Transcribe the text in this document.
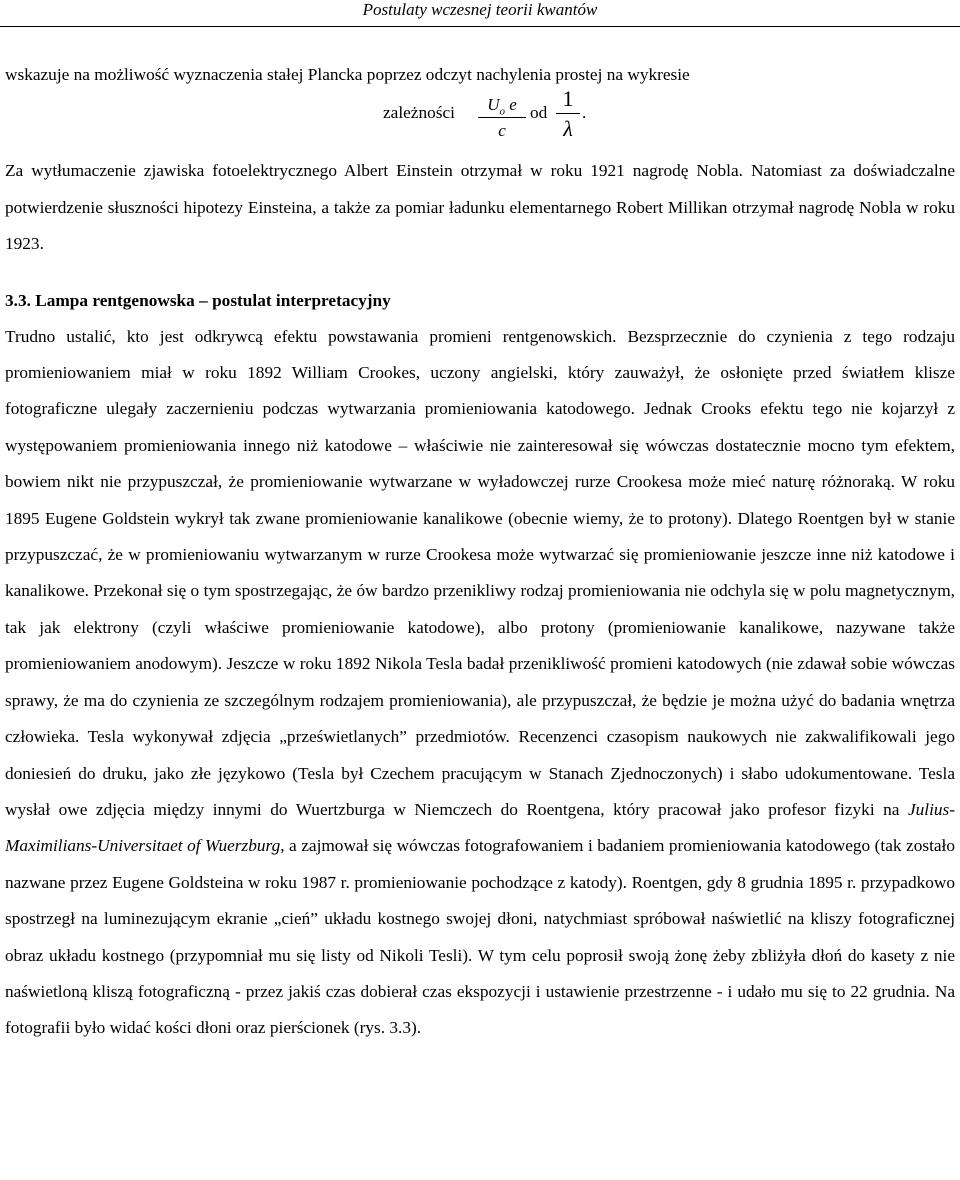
Postulaty wczesnej teorii kwantów

wskazuje na możliwość wyznaczenia stałej Plancka poprzez odczyt nachylenia prostej na wykresie

zależności $\frac{U_o e}{c}$ od $\frac{1}{\lambda}$ .

Za wytłumaczenie zjawiska fotoelektrycznego Albert Einstein otrzymał w roku 1921 nagrodę Nobla. Natomiast za doświadczalne potwierdzenie słuszności hipotezy Einsteina, a także za pomiar ładunku elementarnego Robert Millikan otrzymał nagrodę Nobla w roku 1923.

3.3. Lampa rentgenowska – postulat interpretacyjny

Trudno ustalić, kto jest odkrywcą efektu powstawania promieni rentgenowskich. Bezsprzecznie do czynienia z tego rodzaju promieniowaniem miał w roku 1892 William Crookes, uczony angielski, który zauważył, że osłonięte przed światłem klisze fotograficzne ulegały zaczernieniu podczas wytwarzania promieniowania katodowego. Jednak Crooks efektu tego nie kojarzył z występowaniem promieniowania innego niż katodowe – właściwie nie zainteresował się wówczas dostatecznie mocno tym efektem, bowiem nikt nie przypuszczał, że promieniowanie wytwarzane w wyładowczej rurze Crookesa może mieć naturę różnoraką. W roku 1895 Eugene Goldstein wykrył tak zwane promieniowanie kanalikowe (obecnie wiemy, że to protony). Dlatego Roentgen był w stanie przypuszczać, że w promieniowaniu wytwarzanym w rurze Crookesa może wytwarzać się promieniowanie jeszcze inne niż katodowe i kanalikowe. Przekonał się o tym spostrzegając, że ów bardzo przenikliwy rodzaj promieniowania nie odchyla się w polu magnetycznym, tak jak elektrony (czyli właściwe promieniowanie katodowe), albo protony (promieniowanie kanalikowe, nazywane także promieniowaniem anodowym). Jeszcze w roku 1892 Nikola Tesla badał przenikliwość promieni katodowych (nie zdawał sobie wówczas sprawy, że ma do czynienia ze szczególnym rodzajem promieniowania), ale przypuszczał, że będzie je można użyć do badania wnętrza człowieka. Tesla wykonywał zdjęcia „prześwietlanych” przedmiotów. Recenzenci czasopism naukowych nie zakwalifikowali jego doniesień do druku, jako złe językowo (Tesla był Czechem pracującym w Stanach Zjednoczonych) i słabo udokumentowane. Tesla wysłał owe zdjęcia między innymi do Wuertzburga w Niemczech do Roentgena, który pracował jako profesor fizyki na Julius-Maximilians-Universitaet of Wuerzburg, a zajmował się wówczas fotografowaniem i badaniem promieniowania katodowego (tak zostało nazwane przez Eugene Goldsteina w roku 1987 r. promieniowanie pochodzące z katody). Roentgen, gdy 8 grudnia 1895 r. przypadkowo spostrzegł na luminezującym ekranie „cień” układu kostnego swojej dłoni, natychmiast spróbował naświetlić na kliszy fotograficznej obraz układu kostnego (przypomniał mu się listy od Nikoli Tesli). W tym celu poprosił swoją żonę żeby zbliżyła dłoń do kasety z nie naświetloną kliszą fotograficzną - przez jakiś czas dobierał czas ekspozycji i ustawienie przestrzenne - i udało mu się to 22 grudnia. Na fotografii było widać kości dłoni oraz pierścionek (rys. 3.3).
